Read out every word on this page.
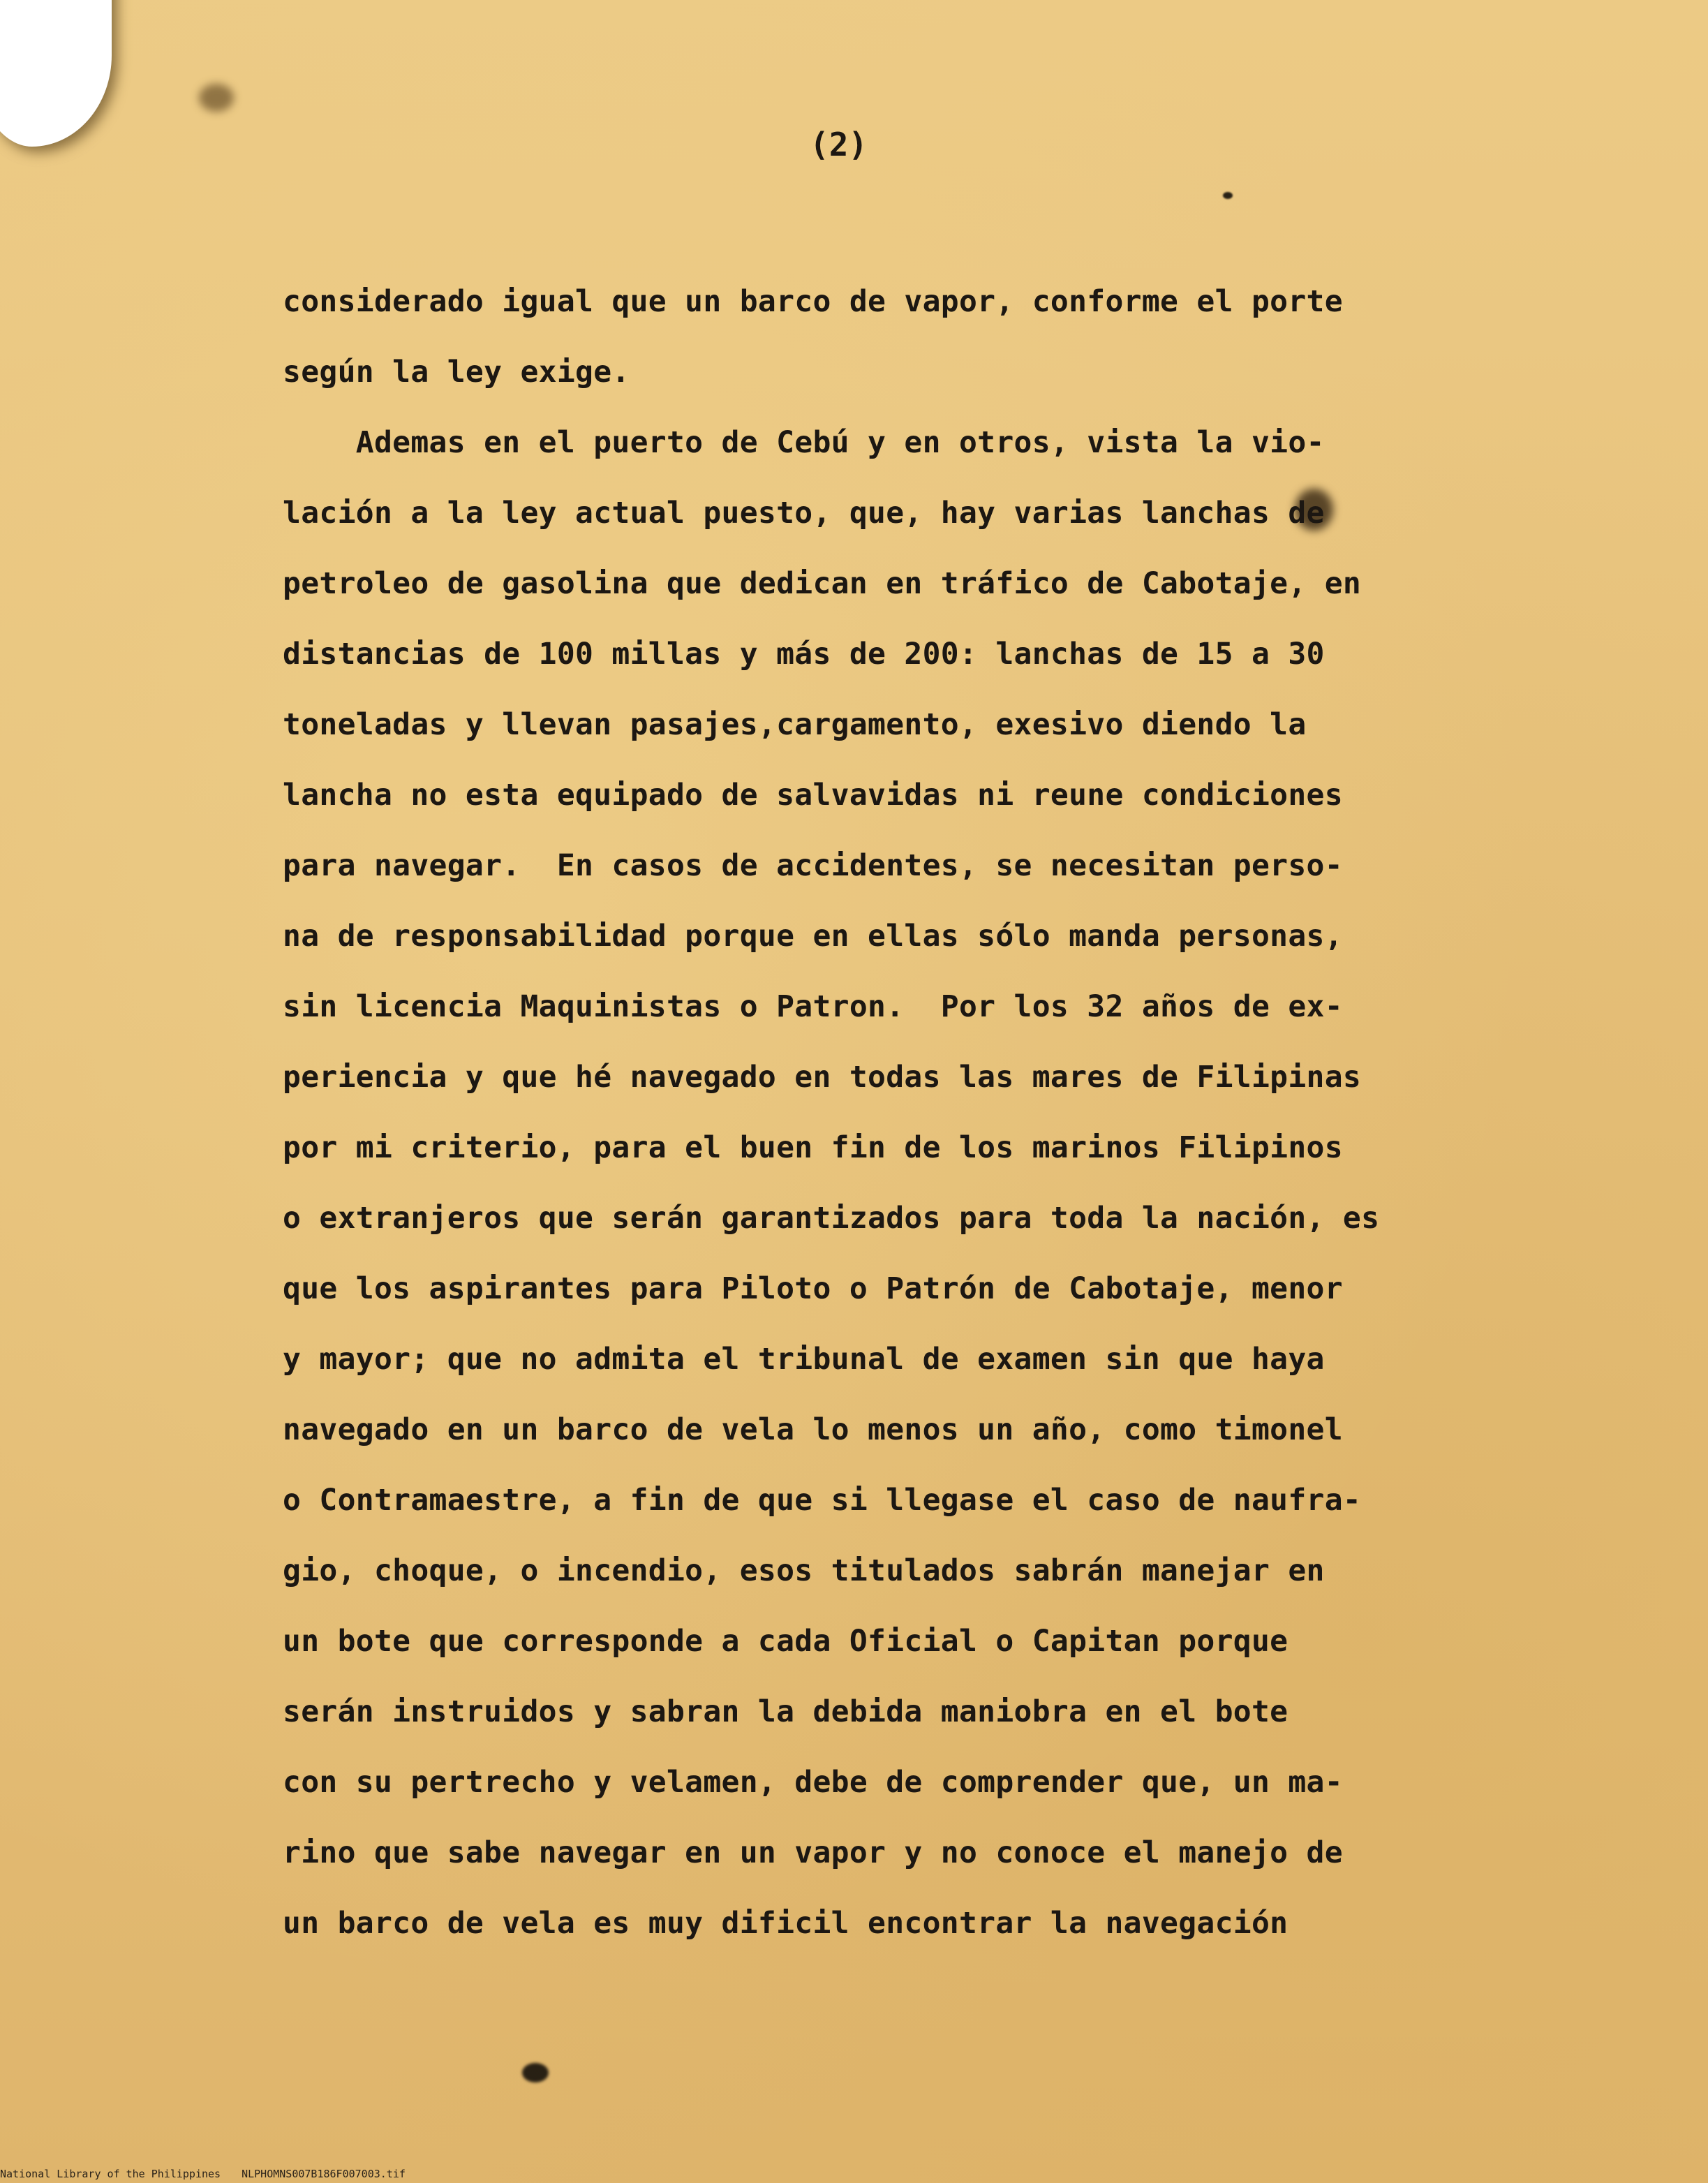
(2)
considerado igual que un barco de vapor, conforme el porte
según la ley exige.
Ademas en el puerto de Cebú y en otros, vista la vio-
lación a la ley actual puesto, que, hay varias lanchas de
petroleo de gasolina que dedican en tráfico de Cabotaje, en
distancias de 100 millas y más de 200: lanchas de 15 a 30
toneladas y llevan pasajes,cargamento, exesivo diendo la
lancha no esta equipado de salvavidas ni reune condiciones
para navegar.  En casos de accidentes, se necesitan perso-
na de responsabilidad porque en ellas sólo manda personas,
sin licencia Maquinistas o Patron.  Por los 32 años de ex-
periencia y que hé navegado en todas las mares de Filipinas
por mi criterio, para el buen fin de los marinos Filipinos
o extranjeros que serán garantizados para toda la nación, es
que los aspirantes para Piloto o Patrón de Cabotaje, menor
y mayor; que no admita el tribunal de examen sin que haya
navegado en un barco de vela lo menos un año, como timonel
o Contramaestre, a fin de que si llegase el caso de naufra-
gio, choque, o incendio, esos titulados sabrán manejar en
un bote que corresponde a cada Oficial o Capitan porque
serán instruidos y sabran la debida maniobra en el bote
con su pertrecho y velamen, debe de comprender que, un ma-
rino que sabe navegar en un vapor y no conoce el manejo de
un barco de vela es muy dificil encontrar la navegación
National Library of the Philippines NLPHOMNS007B186F007003.tif
